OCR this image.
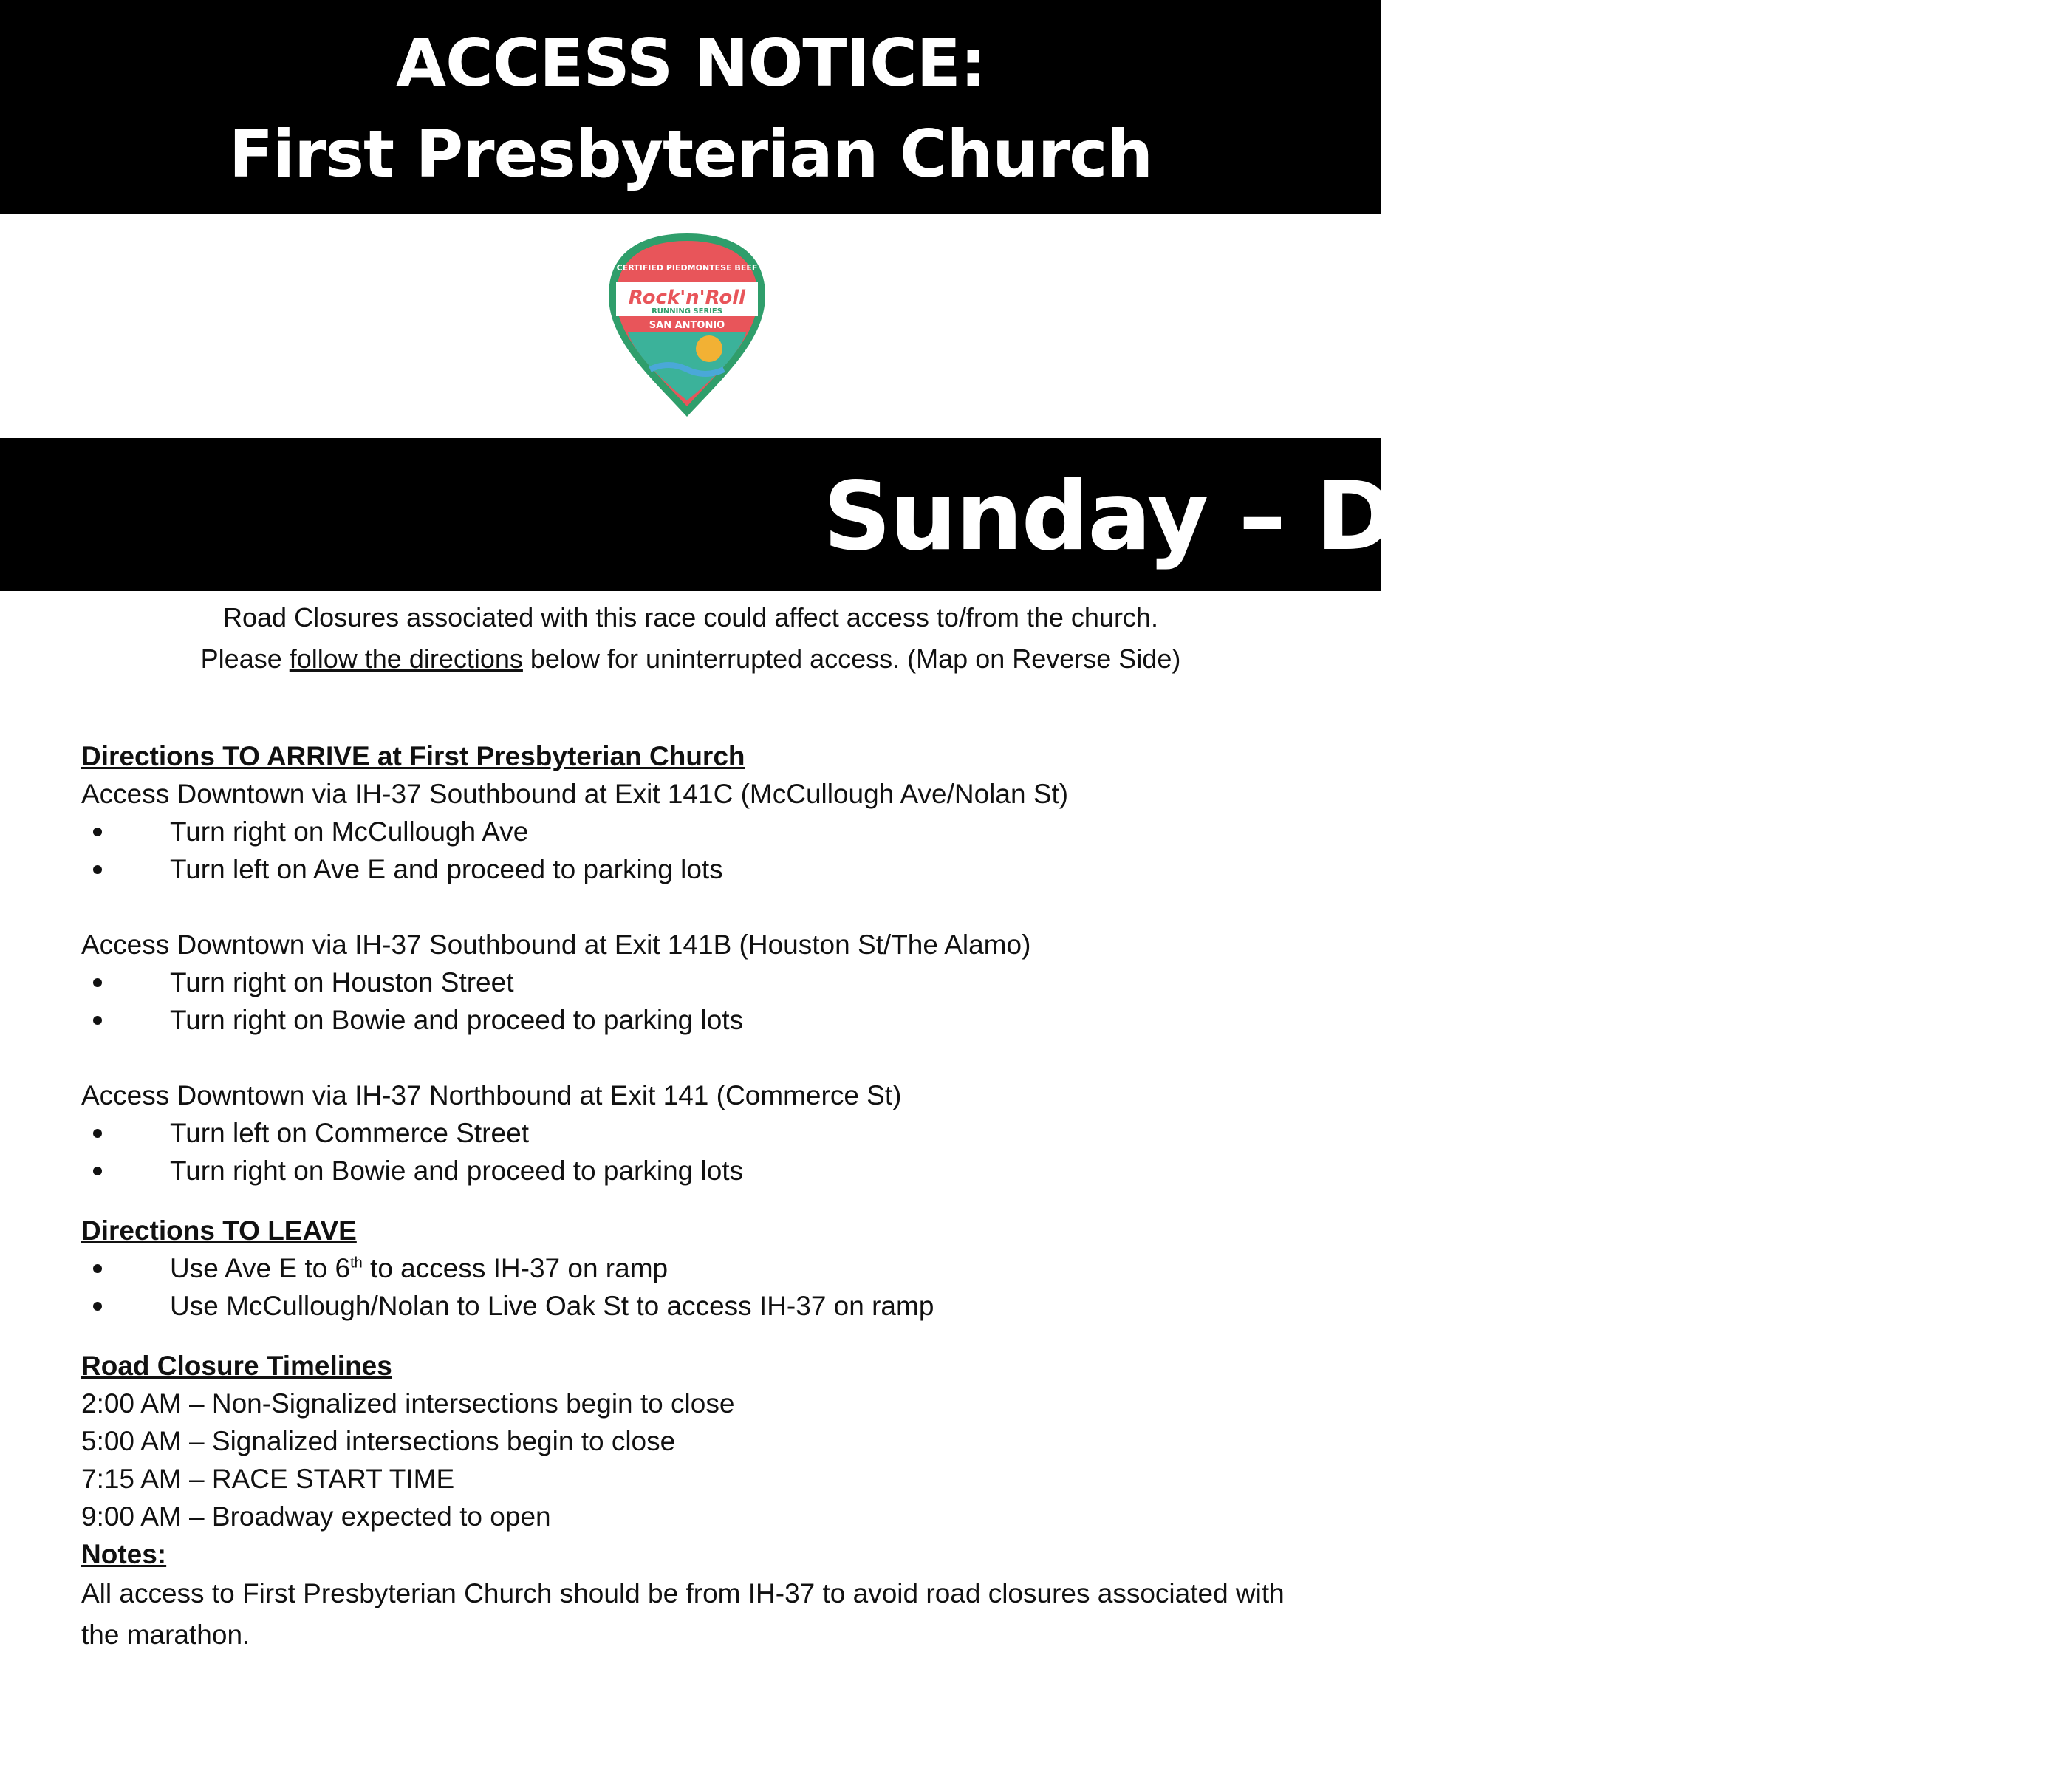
ACCESS NOTICE:
First Presbyterian Church
CERTIFIED PIEDMONTESE BEEF
Rock'n'Roll
RUNNING SERIES
SAN ANTONIO
Sunday – December 8
Road Closures associated with this race could affect access to/from the church.
Please follow the directions below for uninterrupted access. (Map on Reverse Side)
Directions TO ARRIVE at First Presbyterian Church
Access Downtown via IH-37 Southbound at Exit 141C (McCullough Ave/Nolan St)
Turn right on McCullough Ave
Turn left on Ave E and proceed to parking lots
Access Downtown via IH-37 Southbound at Exit 141B (Houston St/The Alamo)
Turn right on Houston Street
Turn right on Bowie and proceed to parking lots
Access Downtown via IH-37 Northbound at Exit 141 (Commerce St)
Turn left on Commerce Street
Turn right on Bowie and proceed to parking lots
Directions TO LEAVE
Use Ave E to 6th to access IH-37 on ramp
Use McCullough/Nolan to Live Oak St to access IH-37 on ramp
Road Closure Timelines
2:00 AM – Non-Signalized intersections begin to close
5:00 AM – Signalized intersections begin to close
7:15 AM – RACE START TIME
9:00 AM – Broadway expected to open
Notes:
All access to First Presbyterian Church should be from IH-37 to avoid road closures associated with the marathon.
